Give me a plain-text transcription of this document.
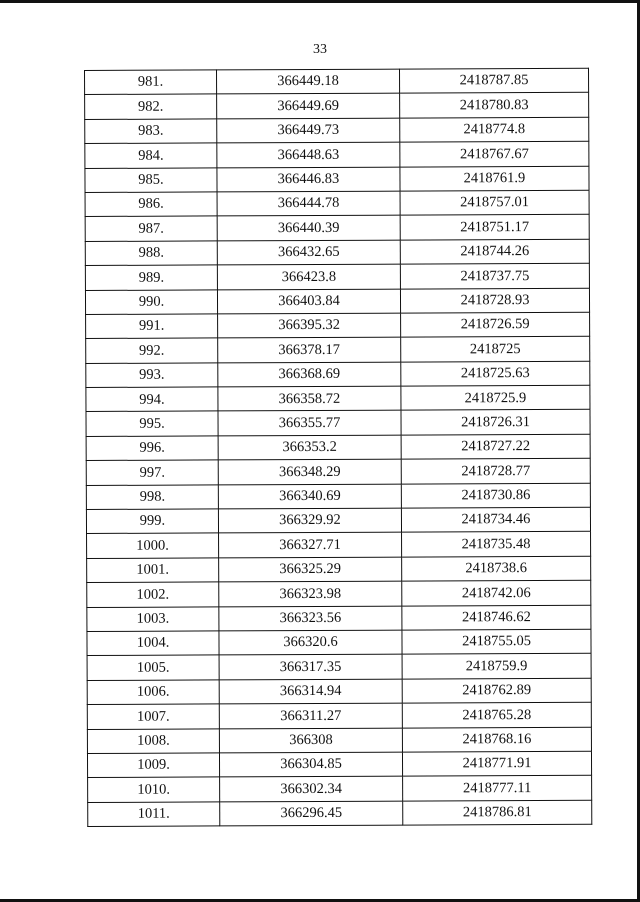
33
981.	366449.18	2418787.85
982.	366449.69	2418780.83
983.	366449.73	2418774.8
984.	366448.63	2418767.67
985.	366446.83	2418761.9
986.	366444.78	2418757.01
987.	366440.39	2418751.17
988.	366432.65	2418744.26
989.	366423.8	2418737.75
990.	366403.84	2418728.93
991.	366395.32	2418726.59
992.	366378.17	2418725
993.	366368.69	2418725.63
994.	366358.72	2418725.9
995.	366355.77	2418726.31
996.	366353.2	2418727.22
997.	366348.29	2418728.77
998.	366340.69	2418730.86
999.	366329.92	2418734.46
1000.	366327.71	2418735.48
1001.	366325.29	2418738.6
1002.	366323.98	2418742.06
1003.	366323.56	2418746.62
1004.	366320.6	2418755.05
1005.	366317.35	2418759.9
1006.	366314.94	2418762.89
1007.	366311.27	2418765.28
1008.	366308	2418768.16
1009.	366304.85	2418771.91
1010.	366302.34	2418777.11
1011.	366296.45	2418786.81
